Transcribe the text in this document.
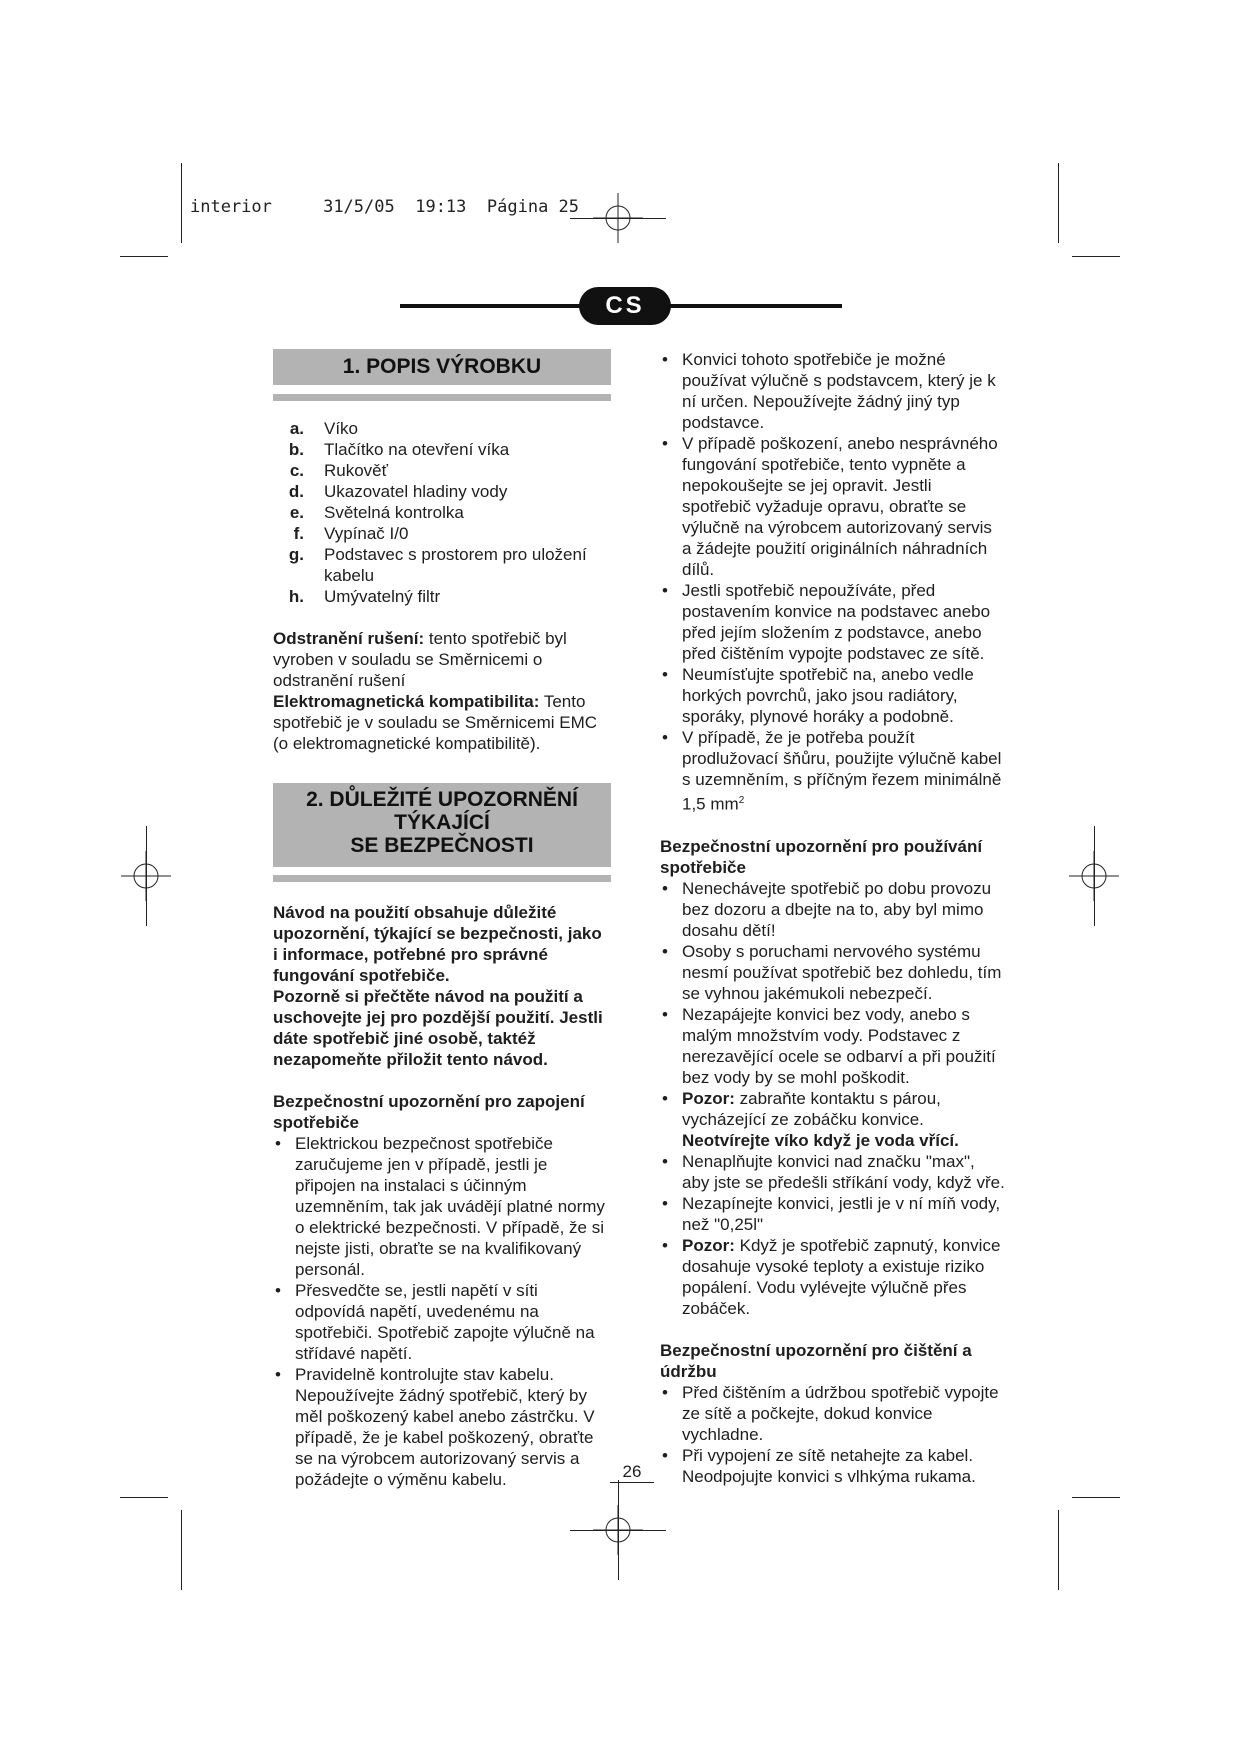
interior	31/5/05 19:13 Página 25
CS
1. POPIS VÝROBKU
a.	Víko
b.	Tlačítko na otevření víka
c.	Rukověť
d.	Ukazovatel hladiny vody
e.	Světelná kontrolka
f.	Vypínač I/0
g.	Podstavec s prostorem pro uložení kabelu
h.	Umývatelný filtr

Odstranění rušení: tento spotřebič byl vyroben v souladu se Směrnicemi o odstranění rušení

Elektromagnetická kompatibilita: Tento spotřebič je v souladu se Směrnicemi EMC (o elektromagnetické kompatibilitě).

2. DŮLEŽITÉ UPOZORNĚNÍ TÝKAJÍCÍ
SE BEZPEČNOSTI

Návod na použití obsahuje důležité upozornění, týkající se bezpečnosti, jako i informace, potřebné pro správné fungování spotřebiče.

Pozorně si přečtěte návod na použití a uschovejte jej pro pozdější použití. Jestli dáte spotřebič jiné osobě, taktéž nezapomeňte přiložit tento návod.

Bezpečnostní upozornění pro zapojení spotřebiče

• Elektrickou bezpečnost spotřebiče zaručujeme jen v případě, jestli je připojen na instalaci s účinným uzemněním, tak jak uvádějí platné normy o elektrické bezpečnosti. V případě, že si nejste jisti, obraťte se na kvalifikovaný personál.
• Přesvedčte se, jestli napětí v síti odpovídá napětí, uvedenému na spotřebiči. Spotřebič zapojte výlučně na střídavé napětí.
• Pravidelně kontrolujte stav kabelu. Nepoužívejte žádný spotřebič, který by měl poškozený kabel anebo zástrčku. V případě, že je kabel poškozený, obraťte se na výrobcem autorizovaný servis a požádejte o výměnu kabelu.
• Konvici tohoto spotřebiče je možné používat výlučně s podstavcem, který je k ní určen. Nepoužívejte žádný jiný typ podstavce.
• V případě poškození, anebo nesprávného fungování spotřebiče, tento vypněte a nepokoušejte se jej opravit. Jestli spotřebič vyžaduje opravu, obraťte se výlučně na výrobcem autorizovaný servis a žádejte použití originálních náhradních dílů.
• Jestli spotřebič nepoužíváte, před postavením konvice na podstavec anebo před jejím složením z podstavce, anebo před čištěním vypojte podstavec ze sítě.
• Neumísťujte spotřebič na, anebo vedle horkých povrchů, jako jsou radiátory, sporáky, plynové horáky a podobně.
• V případě, že je potřeba použít prodlužovací šňůru, použijte výlučně kabel s uzemněním, s příčným řezem minimálně 1,5 $mm^2$

Bezpečnostní upozornění pro používání spotřebiče

• Nenechávejte spotřebič po dobu provozu bez dozoru a dbejte na to, aby byl mimo dosahu dětí!
• Osoby s poruchami nervového systému nesmí používat spotřebič bez dohledu, tím se vyhnou jakémukoli nebezpečí.
• Nezapájejte konvici bez vody, anebo s malým množstvím vody. Podstavec z nerezavějící ocele se odbarví a při použití bez vody by se mohl poškodit.
• Pozor: zabraňte kontaktu s párou, vycházející ze zobáčku konvice.
Neotvírejte víko když je voda vřící.
• Nenaplňujte konvici nad značku "max", aby jste se předešli stříkání vody, když vře.
• Nezapínejte konvici, jestli je v ní míň vody, než "0,25l"
• Pozor: Když je spotřebič zapnutý, konvice dosahuje vysoké teploty a existuje riziko popálení. Vodu vylévejte výlučně přes zobáček.

Bezpečnostní upozornění pro čištění a údržbu

• Před čištěním a údržbou spotřebič vypojte ze sítě a počkejte, dokud konvice vychladne.
• Při vypojení ze sítě netahejte za kabel. Neodpojujte konvici s vlhkýma rukama.
26
